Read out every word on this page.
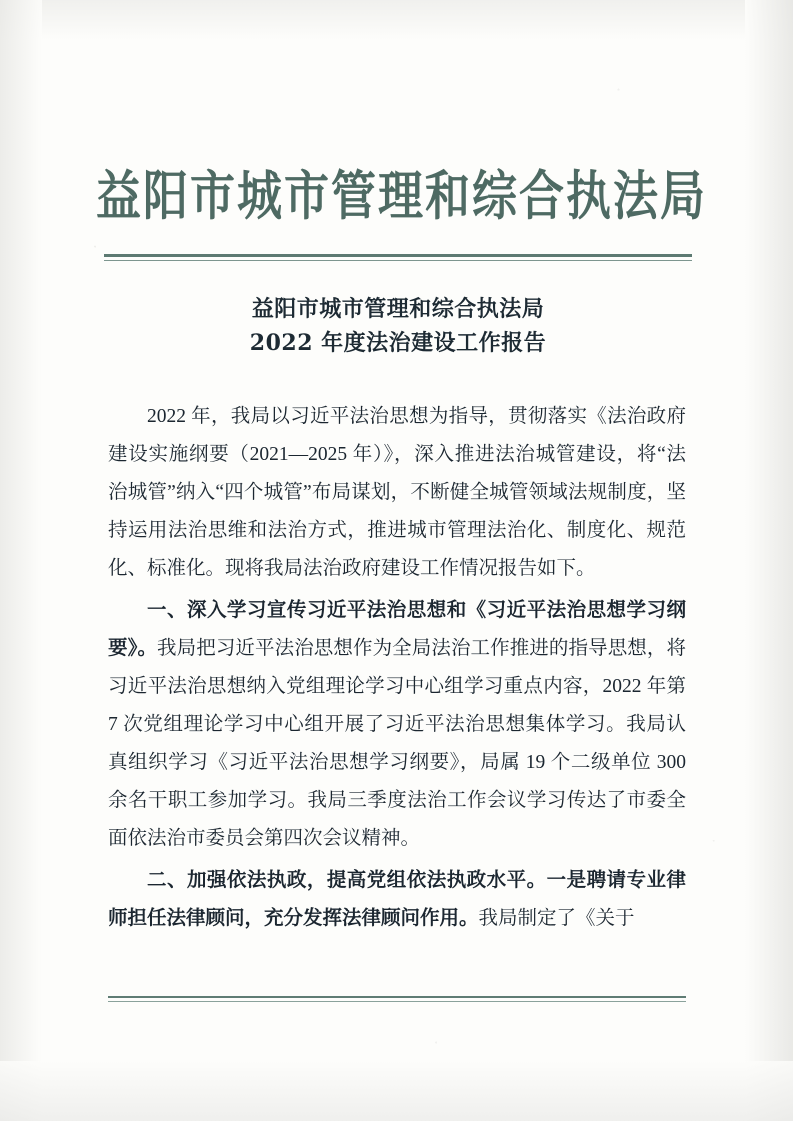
益阳市城市管理和综合执法局
益阳市城市管理和综合执法局
2022 年度法治建设工作报告

2022 年，我局以习近平法治思想为指导，贯彻落实《法治政府建设实施纲要（2021—2025 年）》，深入推进法治城管建设，将“法治城管”纳入“四个城管”布局谋划，不断健全城管领域法规制度，坚持运用法治思维和法治方式，推进城市管理法治化、制度化、规范化、标准化。现将我局法治政府建设工作情况报告如下。

一、深入学习宣传习近平法治思想和《习近平法治思想学习纲要》。我局把习近平法治思想作为全局法治工作推进的指导思想，将习近平法治思想纳入党组理论学习中心组学习重点内容，2022 年第 7 次党组理论学习中心组开展了习近平法治思想集体学习。我局认真组织学习《习近平法治思想学习纲要》，局属 19 个二级单位 300 余名干职工参加学习。我局三季度法治工作会议学习传达了市委全面依法治市委员会第四次会议精神。

二、加强依法执政，提高党组依法执政水平。一是聘请专业律师担任法律顾问，充分发挥法律顾问作用。我局制定了《关于
